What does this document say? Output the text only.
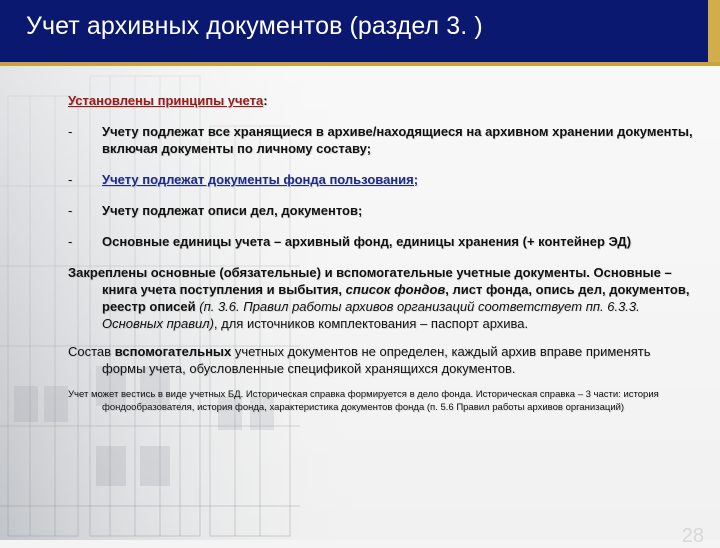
Учет архивных документов (раздел 3. )
Установлены принципы учета:
- Учету подлежат все хранящиеся в архиве/находящиеся на архивном хранении документы, включая документы по личному составу;
- Учету подлежат документы фонда пользования;
- Учету подлежат описи дел, документов;
- Основные единицы учета – архивный фонд, единицы хранения (+ контейнер ЭД)
Закреплены основные (обязательные) и вспомогательные учетные документы. Основные – книга учета поступления и выбытия, список фондов, лист фонда, опись дел, документов, реестр описей (п. 3.6. Правил работы архивов организаций соответствует пп. 6.3.3. Основных правил), для источников комплектования – паспорт архива.
Состав вспомогательных учетных документов не определен, каждый архив вправе применять формы учета, обусловленные спецификой хранящихся документов.
Учет может вестись в виде учетных БД. Историческая справка формируется в дело фонда. Историческая справка – 3 части: история фондообразователя, история фонда, характеристика документов фонда (п. 5.6 Правил работы архивов организаций)
28
